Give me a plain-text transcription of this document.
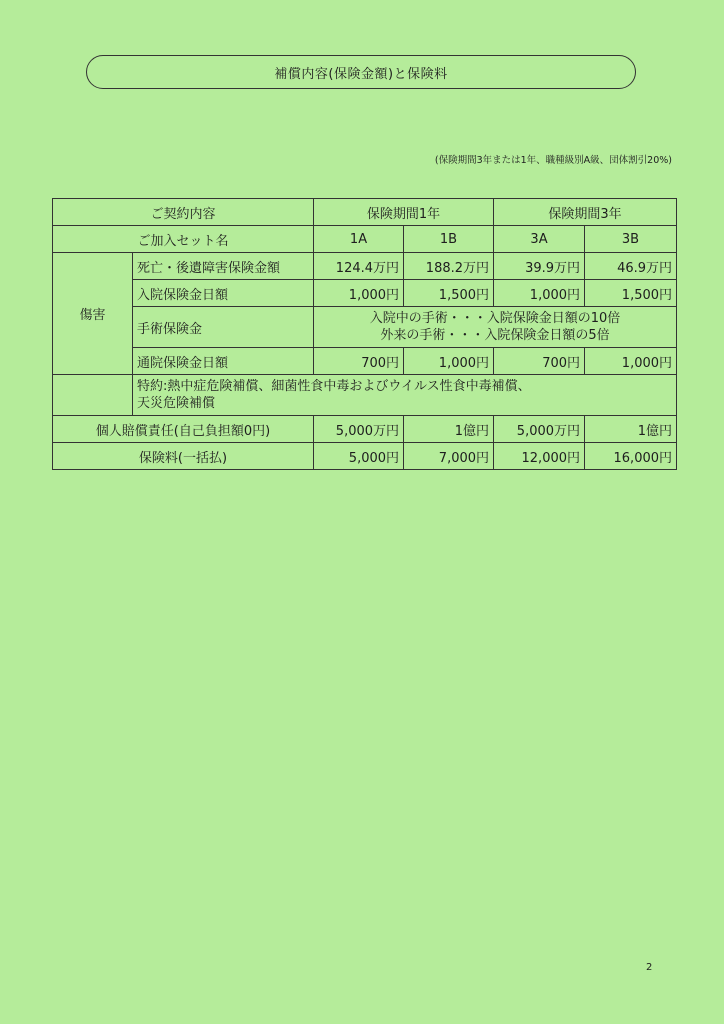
補償内容(保険金額)と保険料
(保険期間3年または1年、職種級別A級、団体割引20%)
ご契約内容		保険期間1年		保険期間3年	
ご加入セット名		1A	1B	3A	3B
傷害	死亡・後遺障害保険金額	124.4万円	188.2万円	39.9万円	46.9万円
	入院保険金日額	1,000円	1,500円	1,000円	1,500円
	手術保険金	入院中の手術・・・入院保険金日額の10倍
外来の手術・・・入院保険金日額の5倍			

	通院保険金日額	700円	1,000円	700円	1,000円

	特約:熱中症危険補償、細菌性食中毒およびウイルス性食中毒補償、
天災危険補償				

個人賠償責任(自己負担額0円)		5,000万円	1億円	5,000万円	1億円
保険料(一括払)		5,000円	7,000円	12,000円	16,000円
2
